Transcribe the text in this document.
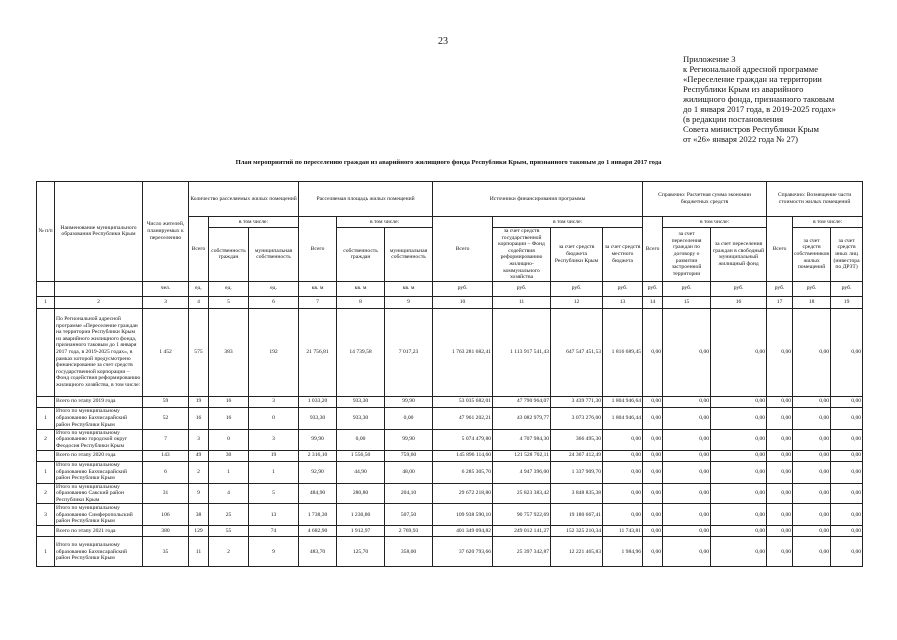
23
Приложение 3
к Региональной адресной программе
«Переселение граждан на территории
Республики Крым из аварийного
жилищного фонда, признанного таковым
до 1 января 2017 года, в 2019-2025 годах»
(в редакции постановления
Совета министров Республики Крым
от «26» января 2022 года № 27)
План мероприятий по переселению граждан из аварийного жилищного фонда Республики Крым, признанного таковым до 1 января 2017 года
№ п/п	Наименование муниципального образования Республики Крым	Число жителей, планируемых к переселению	Количество расселяемых жилых помещений			Расселяемая площадь жилых помещений			Источники финансирования программы				Справочно: Расчетная сумма экономии бюджетных средств			Справочно: Возмещение части стоимости жилых помещений		
			Всего	в том числе:		Всего	в том числе:		Всего	в том числе:			Всего	в том числе:		Всего	в том числе:	
				собственность граждан	муниципальная собственность		собственность граждан	муниципальная собственность		за счет средств государственной корпорации – Фонд содействия реформированию жилищно-коммунального хозяйства	за счет средств бюджета Республики Крым	за счет средств местного бюджета		за счет переселения граждан по договору о развитии застроенной территории	за счет переселения граждан в свободный муниципальный жилищный фонд		за счет средств собственников жилых помещений	за счет средств иных лиц (инвестора по ДРЗТ)
		чел.	ед.	ед.	ед.	кв. м	кв. м	кв. м	руб.	руб.	руб.	руб.	руб.	руб.	руб.	руб.	руб.	руб.
1	2	3	4	5	6	7	8	9	10	11	12	13	14	15	16	17	18	19
	По Региональной адресной программе «Переселение граждан на территории Республики Крым из аварийного жилищного фонда, признанного таковым до 1 января 2017 года, в 2019-2025 годах», в рамках которой предусмотрено финансирование за счет средств государственной корпорации – Фонд содействия реформированию жилищного хозяйства, в том числе:	1 452	575	383	192	21 756,81	14 739,58	7 017,23	1 763 281 682,41	1 113 917 541,43	647 547 451,53	1 816 689,45	0,00	0,00	0,00	0,00	0,00	0,00
	Всего по этапу 2019 года	59	19	16	3	1 033,20	933,30	99,90	53 035 682,01	47 790 964,07	3 439 771,30	1 804 946,64	0,00	0,00	0,00	0,00	0,00	0,00
1	Итого по муниципальному образованию Бахчисарайский район Республики Крым	52	16	16	0	933,30	933,30	0,00	47 961 202,21	43 082 979,77	3 073 276,00	1 804 946,44	0,00	0,00	0,00	0,00	0,00	0,00
2	Итого по муниципальному образованию городской округ Феодосия Республики Крым	7	3	0	3	99,90	0,00	99,90	5 074 479,80	4 707 984,30	366 495,30	0,00	0,00	0,00	0,00	0,00	0,00	0,00
	Всего по этапу 2020 года	143	49	30	19	2 316,10	1 556,50	759,60	145 896 114,60	121 528 702,11	24 367 412,49	0,00	0,00	0,00	0,00	0,00	0,00	0,00
1	Итого по муниципальному образованию Бахчисарайский район Республики Крым	6	2	1	1	92,90	44,90	48,00	6 285 305,70	4 947 396,00	1 337 909,70	0,00	0,00	0,00	0,00	0,00	0,00	0,00
2	Итого по муниципальному образованию Сакский район Республики Крым	31	9	4	5	484,90	280,80	204,10	29 672 218,80	25 823 383,42	3 848 835,38	0,00	0,00	0,00	0,00	0,00	0,00	0,00
3	Итого по муниципальному образованию Симферопольский район Республики Крым	106	38	25	13	1 738,30	1 230,80	507,50	109 938 590,10	90 757 922,69	19 180 667,41	0,00	0,00	0,00	0,00	0,00	0,00	0,00
	Всего по этапу 2021 года	380	129	55	74	4 682,90	1 912,97	2 769,93	401 349 094,82	249 012 141,27	152 325 210,34	11 743,81	0,00	0,00	0,00	0,00	0,00	0,00
1	Итого по муниципальному образованию Бахчисарайский район Республики Крым	35	11	2	9	483,70	125,70	358,00	37 620 793,66	25 397 342,87	12 221 465,83	1 984,96	0,00	0,00	0,00	0,00	0,00	0,00
